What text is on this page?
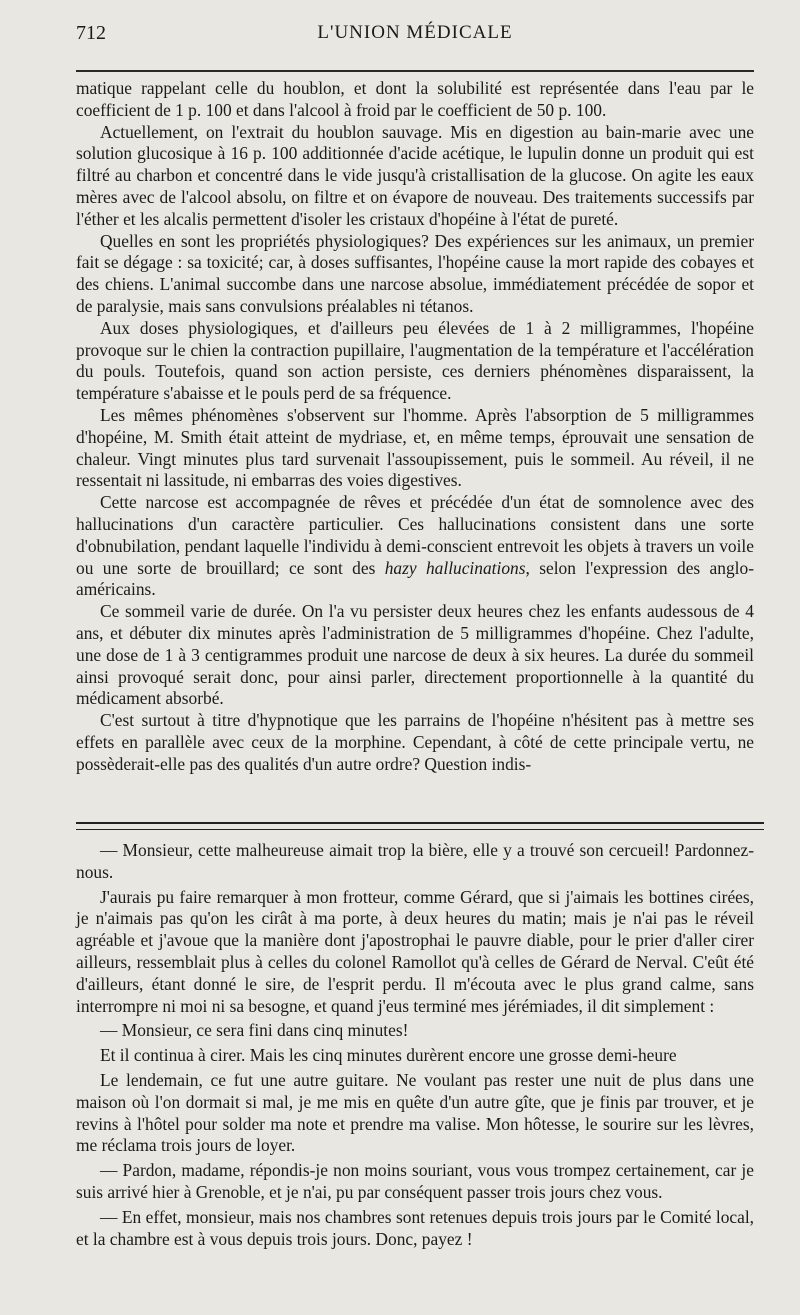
712	L'UNION MÉDICALE

matique rappelant celle du houblon, et dont la solubilité est représentée dans l'eau par le coefficient de 1 p. 100 et dans l'alcool à froid par le coefficient de 50 p. 100.

Actuellement, on l'extrait du houblon sauvage. Mis en digestion au bain-marie avec une solution glucosique à 16 p. 100 additionnée d'acide acétique, le lupulin donne un produit qui est filtré au charbon et concentré dans le vide jusqu'à cristallisation de la glucose. On agite les eaux mères avec de l'alcool absolu, on filtre et on évapore de nouveau. Des traitements successifs par l'éther et les alcalis permettent d'isoler les cristaux d'hopéine à l'état de pureté.

Quelles en sont les propriétés physiologiques? Des expériences sur les animaux, un premier fait se dégage : sa toxicité; car, à doses suffisantes, l'hopéine cause la mort rapide des cobayes et des chiens. L'animal succombe dans une narcose absolue, immédiatement précédée de sopor et de paralysie, mais sans convulsions préalables ni tétanos.

Aux doses physiologiques, et d'ailleurs peu élevées de 1 à 2 milligrammes, l'hopéine provoque sur le chien la contraction pupillaire, l'augmentation de la température et l'accélération du pouls. Toutefois, quand son action persiste, ces derniers phénomènes disparaissent, la température s'abaisse et le pouls perd de sa fréquence.

Les mêmes phénomènes s'observent sur l'homme. Après l'absorption de 5 milligrammes d'hopéine, M. Smith était atteint de mydriase, et, en même temps, éprouvait une sensation de chaleur. Vingt minutes plus tard survenait l'assoupissement, puis le sommeil. Au réveil, il ne ressentait ni lassitude, ni embarras des voies digestives.

Cette narcose est accompagnée de rêves et précédée d'un état de somnolence avec des hallucinations d'un caractère particulier. Ces hallucinations consistent dans une sorte d'obnubilation, pendant laquelle l'individu à demi-conscient entrevoit les objets à travers un voile ou une sorte de brouillard; ce sont des hazy hallucinations, selon l'expression des anglo-américains.

Ce sommeil varie de durée. On l'a vu persister deux heures chez les enfants audessous de 4 ans, et débuter dix minutes après l'administration de 5 milligrammes d'hopéine. Chez l'adulte, une dose de 1 à 3 centigrammes produit une narcose de deux à six heures. La durée du sommeil ainsi provoqué serait donc, pour ainsi parler, directement proportionnelle à la quantité du médicament absorbé.

C'est surtout à titre d'hypnotique que les parrains de l'hopéine n'hésitent pas à mettre ses effets en parallèle avec ceux de la morphine. Cependant, à côté de cette principale vertu, ne possèderait-elle pas des qualités d'un autre ordre? Question indis-

— Monsieur, cette malheureuse aimait trop la bière, elle y a trouvé son cercueil! Pardonnez-nous.

J'aurais pu faire remarquer à mon frotteur, comme Gérard, que si j'aimais les bottines cirées, je n'aimais pas qu'on les cirât à ma porte, à deux heures du matin; mais je n'ai pas le réveil agréable et j'avoue que la manière dont j'apostrophai le pauvre diable, pour le prier d'aller cirer ailleurs, ressemblait plus à celles du colonel Ramollot qu'à celles de Gérard de Nerval. C'eût été d'ailleurs, étant donné le sire, de l'esprit perdu. Il m'écouta avec le plus grand calme, sans interrompre ni moi ni sa besogne, et quand j'eus terminé mes jérémiades, il dit simplement :

— Monsieur, ce sera fini dans cinq minutes!

Et il continua à cirer. Mais les cinq minutes durèrent encore une grosse demi-heure

Le lendemain, ce fut une autre guitare. Ne voulant pas rester une nuit de plus dans une maison où l'on dormait si mal, je me mis en quête d'un autre gîte, que je finis par trouver, et je revins à l'hôtel pour solder ma note et prendre ma valise. Mon hôtesse, le sourire sur les lèvres, me réclama trois jours de loyer.

— Pardon, madame, répondis-je non moins souriant, vous vous trompez certainement, car je suis arrivé hier à Grenoble, et je n'ai, pu par conséquent passer trois jours chez vous.

— En effet, monsieur, mais nos chambres sont retenues depuis trois jours par le Comité local, et la chambre est à vous depuis trois jours. Donc, payez !
